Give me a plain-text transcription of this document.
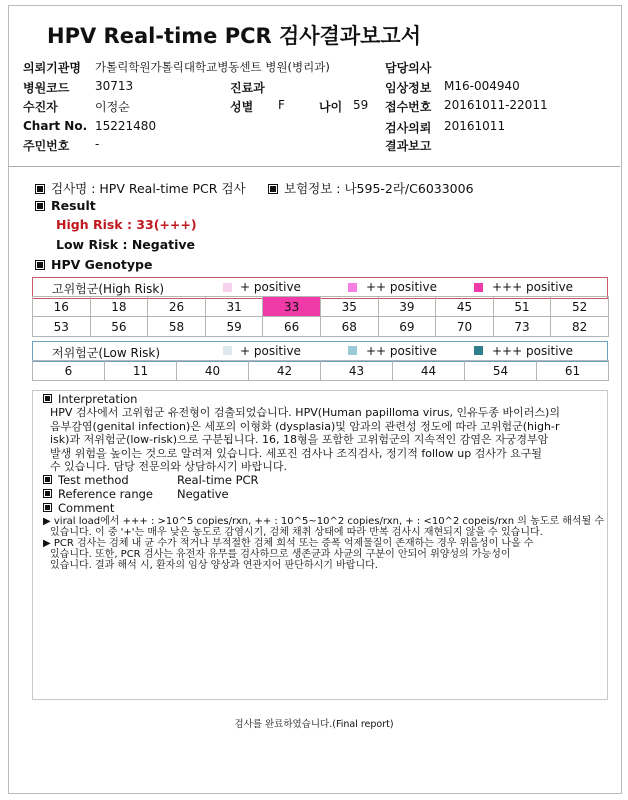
HPV Real-time PCR 검사결과보고서
의뢰기관명 가톨릭학원가톨릭대학교병동센트 병원(병리과)	담당의사
병원코드 30713	진료과	임상정보 M16-004940
수진자	이정순	성별 F	나이 59 접수번호 20161011-22011
Chart No. 15221480	검사의뢰 20161011
주민번호 -	결과보고
검사명 : HPV Real-time PCR 검사	보험정보 : 나595-2라/C6033006
Result
High Risk : 33(+++)
Low Risk : Negative
HPV Genotype
고위험군(High Risk)	+ positive	++ positive	+++ positive
16	18	26	31	33	35	39	45	51	52
53	56	58	59	66	68	69	70	73	82
저위험군(Low Risk)	+ positive	++ positive	+++ positive
6	11	40	42	43	44	54	61
Interpretation
HPV 검사에서 고위험군 유전형이 검출되었습니다. HPV(Human papilloma virus, 인유두종 바이러스)의
음부감염(genital infection)은 세포의 이형화 (dysplasia)및 암과의 관련성 정도에 따라 고위험군(high-r
isk)과 저위험군(low-risk)으로 구분됩니다. 16, 18형을 포함한 고위험군의 지속적인 감염은 자궁경부암
발생 위험을 높이는 것으로 알려져 있습니다. 세포진 검사나 조직검사, 정기적 follow up 검사가 요구될
수 있습니다. 담당 전문의와 상담하시기 바랍니다.
Test method	Real-time PCR
Reference range Negative
Comment
▶ viral load에서 +++ : >10^5 copies/rxn, ++ : 10^5~10^2 copies/rxn, + : <10^2 copeis/rxn 의 농도로 해석될 수
있습니다. 이 중 '+'는 매우 낮은 농도로 감염시기, 검체 채취 상태에 따라 반복 검사시 재현되지 않을 수 있습니다.
▶ PCR 검사는 검체 내 균 수가 적거나 부적절한 검체 희석 또는 증폭 억제물질이 존재하는 경우 위음성이 나올 수
있습니다. 또한, PCR 검사는 유전자 유무를 검사하므로 생존균과 사균의 구분이 안되어 위양성의 가능성이
있습니다. 결과 해석 시, 환자의 임상 양상과 연관지어 판단하시기 바랍니다.
검사를 완료하였습니다.(Final report)
